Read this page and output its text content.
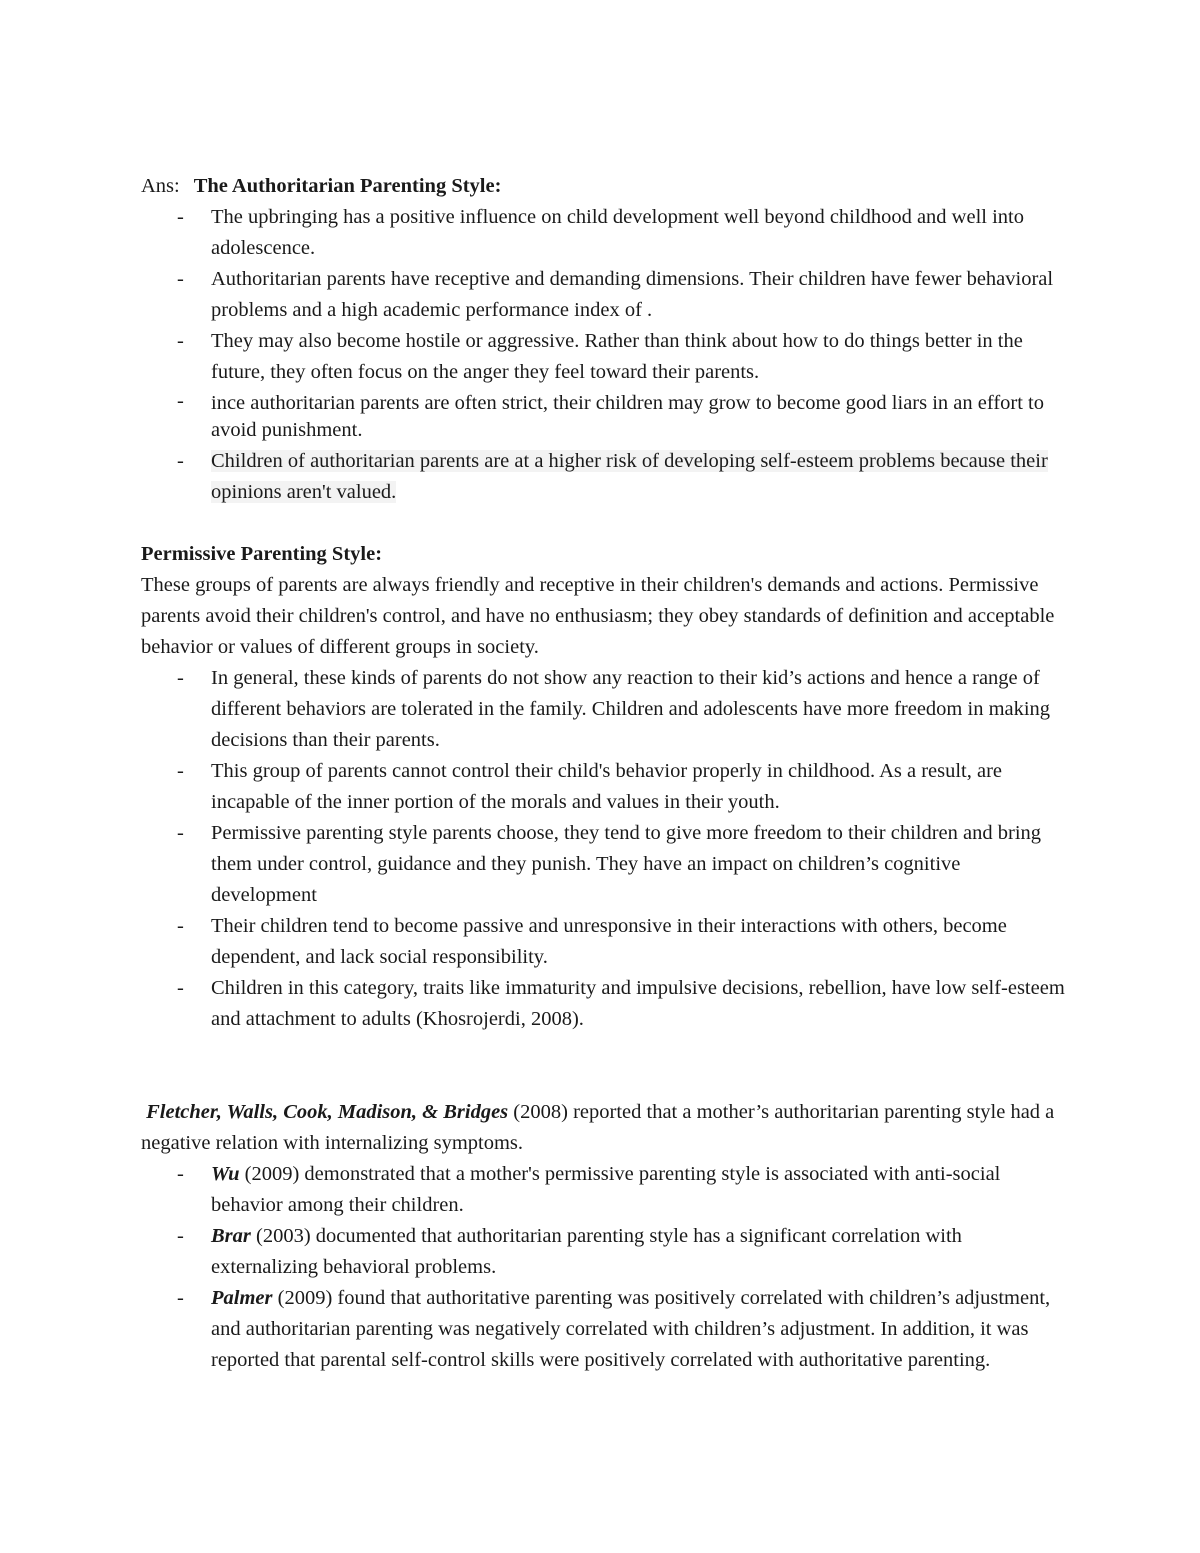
Ans: The Authoritarian Parenting Style:

- The upbringing has a positive influence on child development well beyond childhood and well into adolescence.
- Authoritarian parents have receptive and demanding dimensions. Their children have fewer behavioral problems and a high academic performance index of .
- They may also become hostile or aggressive. Rather than think about how to do things better in the future, they often focus on the anger they feel toward their parents.
- ince authoritarian parents are often strict, their children may grow to become good liars in an effort to avoid punishment.
- Children of authoritarian parents are at a higher risk of developing self-esteem problems because their opinions aren't valued.

Permissive Parenting Style:

These groups of parents are always friendly and receptive in their children's demands and actions. Permissive parents avoid their children's control, and have no enthusiasm; they obey standards of definition and acceptable behavior or values of different groups in society.

- In general, these kinds of parents do not show any reaction to their kid’s actions and hence a range of different behaviors are tolerated in the family. Children and adolescents have more freedom in making decisions than their parents.
- This group of parents cannot control their child's behavior properly in childhood. As a result, are incapable of the inner portion of the morals and values in their youth.
- Permissive parenting style parents choose, they tend to give more freedom to their children and bring them under control, guidance and they punish. They have an impact on children’s cognitive development
- Their children tend to become passive and unresponsive in their interactions with others, become dependent, and lack social responsibility.
- Children in this category, traits like immaturity and impulsive decisions, rebellion, have low self-esteem and attachment to adults (Khosrojerdi, 2008).

Fletcher, Walls, Cook, Madison, & Bridges (2008) reported that a mother’s authoritarian parenting style had a negative relation with internalizing symptoms.

- Wu (2009) demonstrated that a mother's permissive parenting style is associated with anti-social behavior among their children.
- Brar (2003) documented that authoritarian parenting style has a significant correlation with externalizing behavioral problems.
- Palmer (2009) found that authoritative parenting was positively correlated with children’s adjustment, and authoritarian parenting was negatively correlated with children’s adjustment. In addition, it was reported that parental self-control skills were positively correlated with authoritative parenting.
